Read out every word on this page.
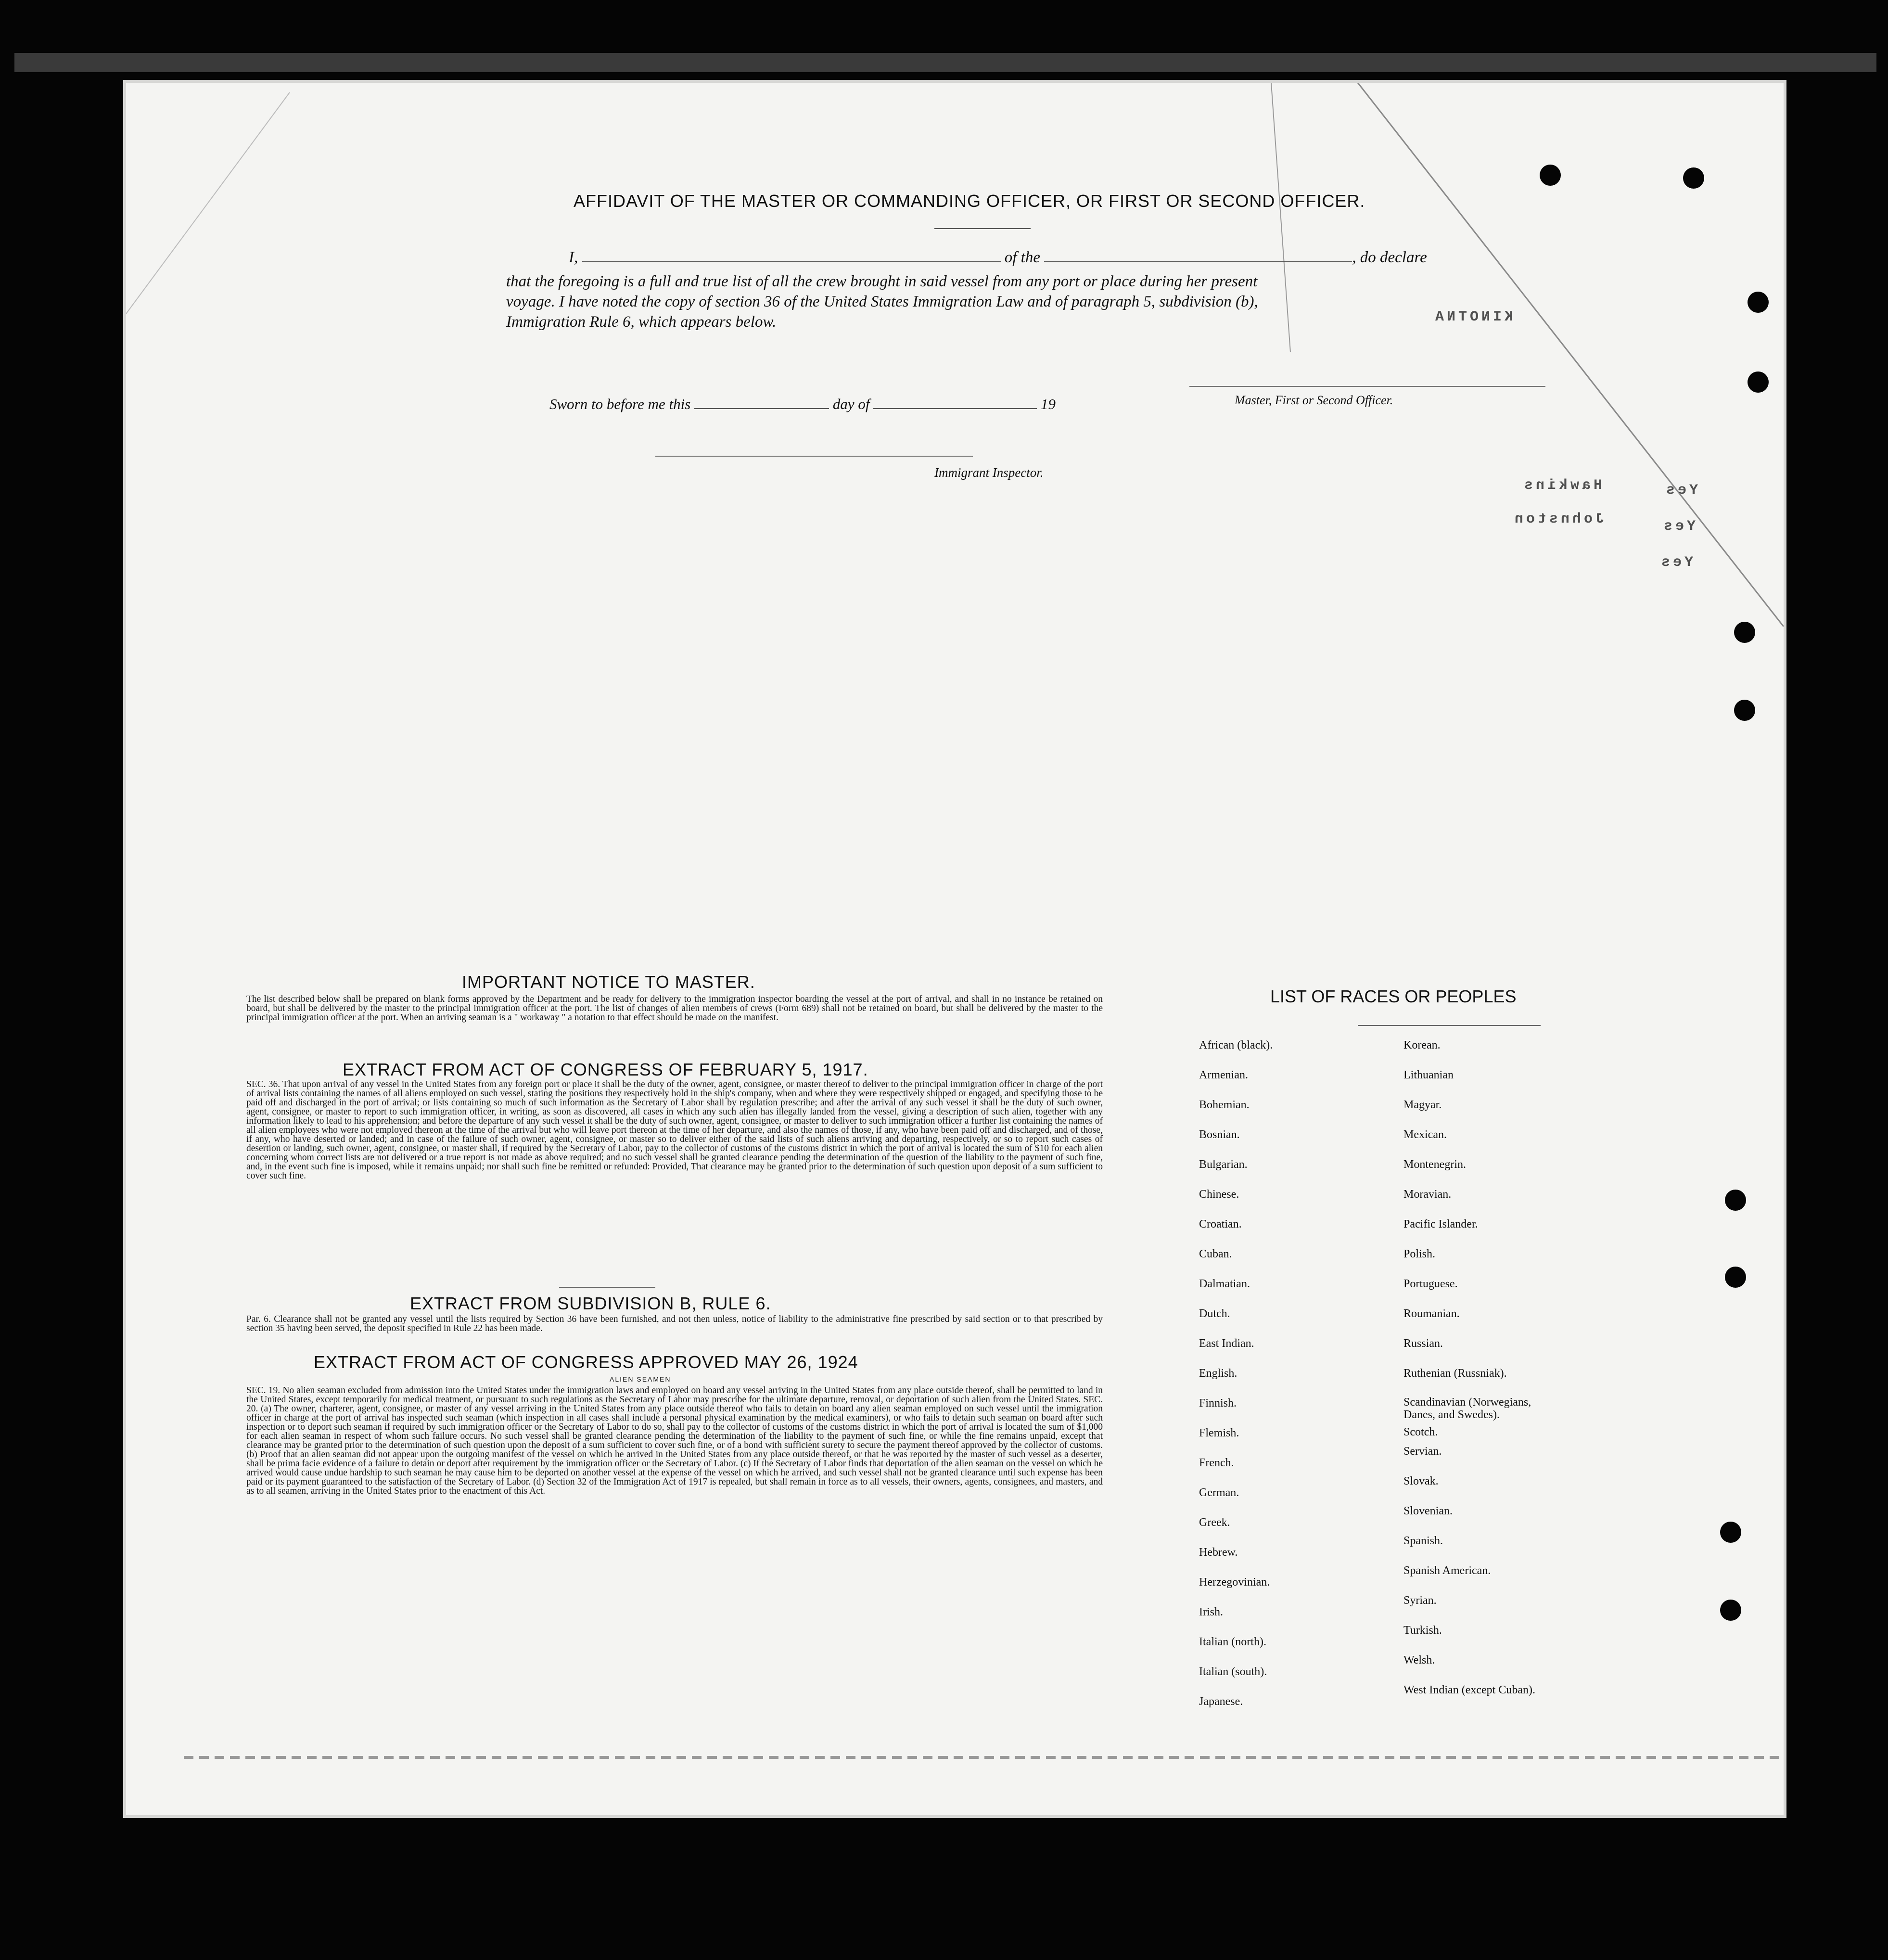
Hawkins
Johnston
Yes
Yes
Yes
KINOTNA
AFFIDAVIT OF THE MASTER OR COMMANDING OFFICER, OR FIRST OR SECOND OFFICER.
I,	of the	, do declare
that the foregoing is a full and true list of all the crew brought in said vessel from any port or place during her present
voyage. I have noted the copy of section 36 of the United States Immigration Law and of paragraph 5, subdivision (b),
Immigration Rule 6, which appears below.
Master, First or Second Officer.
Sworn to before me this	day of	19
Immigrant Inspector.
IMPORTANT NOTICE TO MASTER.
The list described below shall be prepared on blank forms approved by the Department and be ready for delivery to the immigration inspector boarding the vessel at the port of arrival, and shall in no instance be retained on board, but shall be delivered by the master to the principal immigration officer at the port. The list of changes of alien members of crews (Form 689) shall not be retained on board, but shall be delivered by the master to the principal immigration officer at the port. When an arriving seaman is a " workaway " a notation to that effect should be made on the manifest.
EXTRACT FROM ACT OF CONGRESS OF FEBRUARY 5, 1917.
SEC. 36. That upon arrival of any vessel in the United States from any foreign port or place it shall be the duty of the owner, agent, consignee, or master thereof to deliver to the principal immigration officer in charge of the port of arrival lists containing the names of all aliens employed on such vessel, stating the positions they respectively hold in the ship's company, when and where they were respectively shipped or engaged, and specifying those to be paid off and discharged in the port of arrival; or lists containing so much of such information as the Secretary of Labor shall by regulation prescribe; and after the arrival of any such vessel it shall be the duty of such owner, agent, consignee, or master to report to such immigration officer, in writing, as soon as discovered, all cases in which any such alien has illegally landed from the vessel, giving a description of such alien, together with any information likely to lead to his apprehension; and before the departure of any such vessel it shall be the duty of such owner, agent, consignee, or master to deliver to such immigration officer a further list containing the names of all alien employees who were not employed thereon at the time of the arrival but who will leave port thereon at the time of her departure, and also the names of those, if any, who have been paid off and discharged, and of those, if any, who have deserted or landed; and in case of the failure of such owner, agent, consignee, or master so to deliver either of the said lists of such aliens arriving and departing, respectively, or so to report such cases of desertion or landing, such owner, agent, consignee, or master shall, if required by the Secretary of Labor, pay to the collector of customs of the customs district in which the port of arrival is located the sum of $10 for each alien concerning whom correct lists are not delivered or a true report is not made as above required; and no such vessel shall be granted clearance pending the determination of the question of the liability to the payment of such fine, and, in the event such fine is imposed, while it remains unpaid; nor shall such fine be remitted or refunded: Provided, That clearance may be granted prior to the determination of such question upon deposit of a sum sufficient to cover such fine.
EXTRACT FROM SUBDIVISION B, RULE 6.
Par. 6. Clearance shall not be granted any vessel until the lists required by Section 36 have been furnished, and not then unless, notice of liability to the administrative fine prescribed by said section or to that prescribed by section 35 having been served, the deposit specified in Rule 22 has been made.
EXTRACT FROM ACT OF CONGRESS APPROVED MAY 26, 1924
ALIEN SEAMEN
SEC. 19. No alien seaman excluded from admission into the United States under the immigration laws and employed on board any vessel arriving in the United States from any place outside thereof, shall be permitted to land in the United States, except temporarily for medical treatment, or pursuant to such regulations as the Secretary of Labor may prescribe for the ultimate departure, removal, or deportation of such alien from the United States. SEC. 20. (a) The owner, charterer, agent, consignee, or master of any vessel arriving in the United States from any place outside thereof who fails to detain on board any alien seaman employed on such vessel until the immigration officer in charge at the port of arrival has inspected such seaman (which inspection in all cases shall include a personal physical examination by the medical examiners), or who fails to detain such seaman on board after such inspection or to deport such seaman if required by such immigration officer or the Secretary of Labor to do so, shall pay to the collector of customs of the customs district in which the port of arrival is located the sum of $1,000 for each alien seaman in respect of whom such failure occurs. No such vessel shall be granted clearance pending the determination of the liability to the payment of such fine, or while the fine remains unpaid, except that clearance may be granted prior to the determination of such question upon the deposit of a sum sufficient to cover such fine, or of a bond with sufficient surety to secure the payment thereof approved by the collector of customs. (b) Proof that an alien seaman did not appear upon the outgoing manifest of the vessel on which he arrived in the United States from any place outside thereof, or that he was reported by the master of such vessel as a deserter, shall be prima facie evidence of a failure to detain or deport after requirement by the immigration officer or the Secretary of Labor. (c) If the Secretary of Labor finds that deportation of the alien seaman on the vessel on which he arrived would cause undue hardship to such seaman he may cause him to be deported on another vessel at the expense of the vessel on which he arrived, and such vessel shall not be granted clearance until such expense has been paid or its payment guaranteed to the satisfaction of the Secretary of Labor. (d) Section 32 of the Immigration Act of 1917 is repealed, but shall remain in force as to all vessels, their owners, agents, consignees, and masters, and as to all seamen, arriving in the United States prior to the enactment of this Act.
LIST OF RACES OR PEOPLES
African (black).
Armenian.
Bohemian.
Bosnian.
Bulgarian.
Chinese.
Croatian.
Cuban.
Dalmatian.
Dutch.
East Indian.
English.
Finnish.
Flemish.
French.
German.
Greek.
Hebrew.
Herzegovinian.
Irish.
Italian (north).
Italian (south).
Japanese.
Korean.
Lithuanian
Magyar.
Mexican.
Montenegrin.
Moravian.
Pacific Islander.
Polish.
Portuguese.
Roumanian.
Russian.
Ruthenian (Russniak).
Scandinavian (Norwegians, Danes, and Swedes).
Scotch.
Servian.
Slovak.
Slovenian.
Spanish.
Spanish American.
Syrian.
Turkish.
Welsh.
West Indian (except Cuban).
